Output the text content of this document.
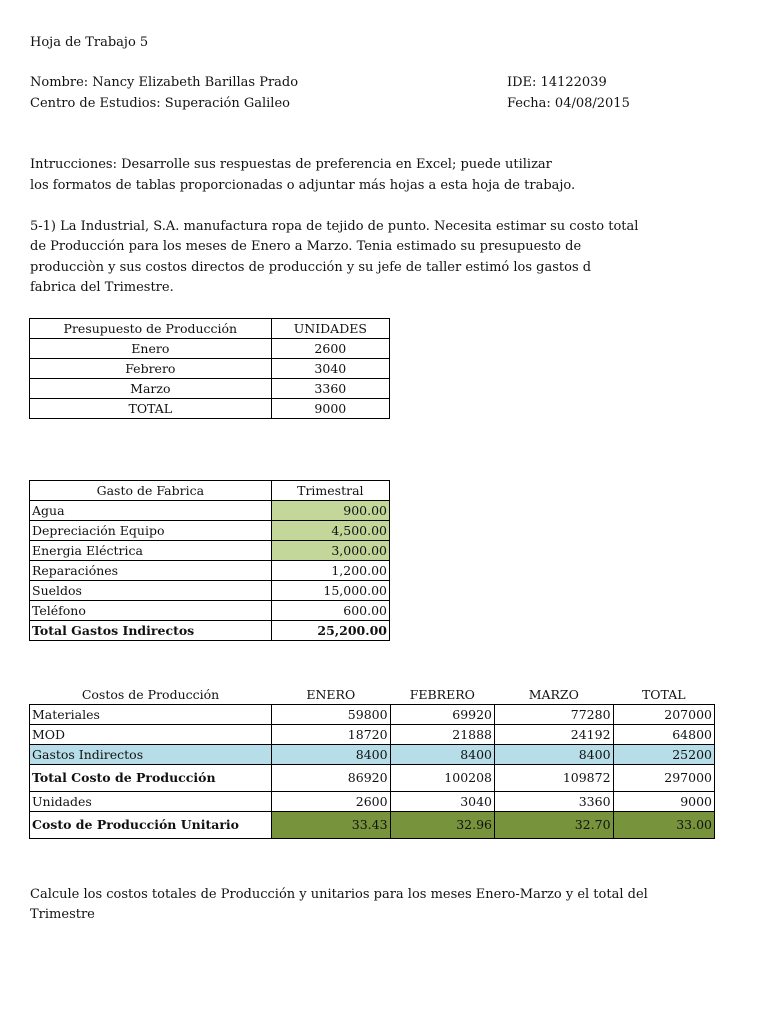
Hoja de Trabajo 5
Nombre: Nancy Elizabeth Barillas Prado
Centro de Estudios: Superación Galileo
IDE: 14122039
Fecha: 04/08/2015
Intrucciones: Desarrolle sus respuestas de preferencia en Excel; puede utilizar
los formatos de tablas proporcionadas o adjuntar más hojas a esta hoja de trabajo.
5-1) La Industrial, S.A. manufactura ropa de tejido de punto. Necesita estimar su costo total
de Producción para los meses de Enero a Marzo. Tenia estimado su presupuesto de
producciòn y sus costos directos de producción y su jefe de taller estimó los gastos d
fabrica del Trimestre.
Presupuesto de Producción	UNIDADES
Enero	2600
Febrero	3040
Marzo	3360
TOTAL	9000
Gasto de Fabrica	Trimestral
Agua	900.00
Depreciación Equipo	4,500.00
Energia Eléctrica	3,000.00
Reparaciónes	1,200.00
Sueldos	15,000.00
Teléfono	600.00
Total Gastos Indirectos	25,200.00
Costos de Producción	ENERO	FEBRERO	MARZO	TOTAL
Materiales	59800	69920	77280	207000
MOD	18720	21888	24192	64800
Gastos Indirectos	8400	8400	8400	25200
Total Costo de Producción	86920	100208	109872	297000
Unidades	2600	3040	3360	9000
Costo de Producción Unitario	33.43	32.96	32.70	33.00
Calcule los costos totales de Producción y unitarios para los meses Enero-Marzo y el total del
Trimestre
